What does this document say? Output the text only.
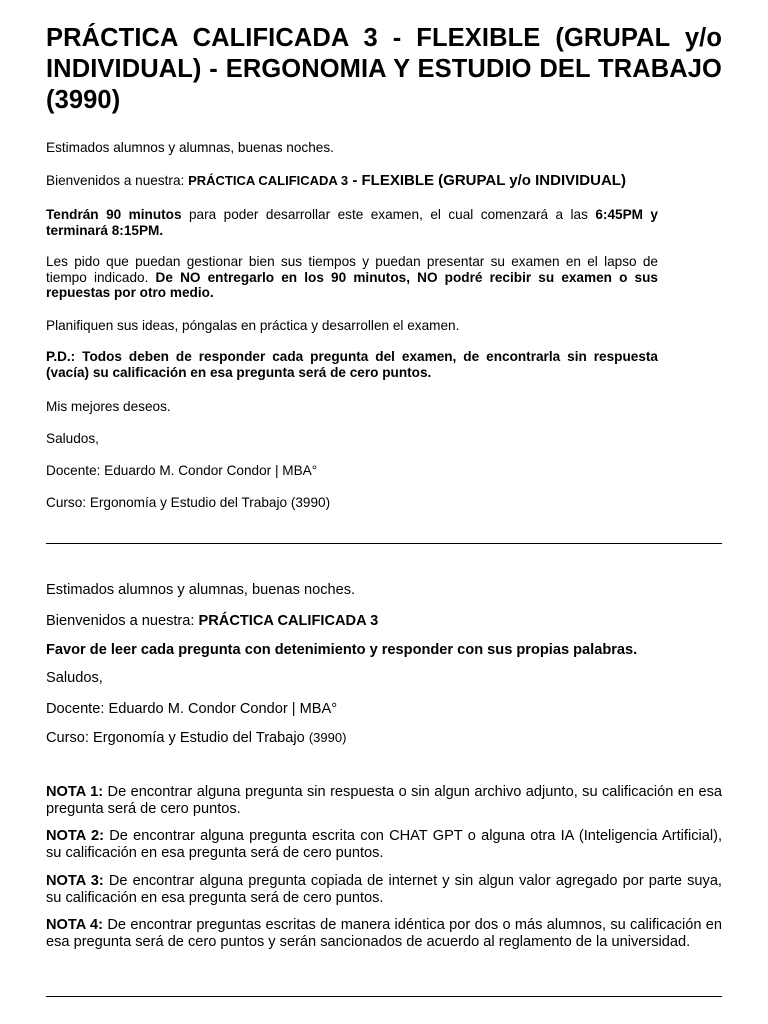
PRÁCTICA CALIFICADA 3 - FLEXIBLE (GRUPAL y/o INDIVIDUAL) - ERGONOMIA Y ESTUDIO DEL TRABAJO (3990)

Estimados alumnos y alumnas, buenas noches.

Bienvenidos a nuestra: PRÁCTICA CALIFICADA 3 - FLEXIBLE (GRUPAL y/o INDIVIDUAL)

Tendrán 90 minutos para poder desarrollar este examen, el cual comenzará a las 6:45PM y terminará 8:15PM.

Les pido que puedan gestionar bien sus tiempos y puedan presentar su examen en el lapso de tiempo indicado. De NO entregarlo en los 90 minutos, NO podré recibir su examen o sus repuestas por otro medio.

Planifiquen sus ideas, póngalas en práctica y desarrollen el examen.

P.D.: Todos deben de responder cada pregunta del examen, de encontrarla sin respuesta (vacía) su calificación en esa pregunta será de cero puntos.

Mis mejores deseos.

Saludos,

Docente: Eduardo M. Condor Condor | MBA°

Curso: Ergonomía y Estudio del Trabajo (3990)

Estimados alumnos y alumnas, buenas noches.

Bienvenidos a nuestra: PRÁCTICA CALIFICADA 3

Favor de leer cada pregunta con detenimiento y responder con sus propias palabras.

Saludos,

Docente: Eduardo M. Condor Condor | MBA°

Curso: Ergonomía y Estudio del Trabajo (3990)

NOTA 1: De encontrar alguna pregunta sin respuesta o sin algun archivo adjunto, su calificación en esa pregunta será de cero puntos.

NOTA 2: De encontrar alguna pregunta escrita con CHAT GPT o alguna otra IA (Inteligencia Artificial), su calificación en esa pregunta será de cero puntos.

NOTA 3: De encontrar alguna pregunta copiada de internet y sin algun valor agregado por parte suya, su calificación en esa pregunta será de cero puntos.

NOTA 4: De encontrar preguntas escritas de manera idéntica por dos o más alumnos, su calificación en esa pregunta será de cero puntos y serán sancionados de acuerdo al reglamento de la universidad.
